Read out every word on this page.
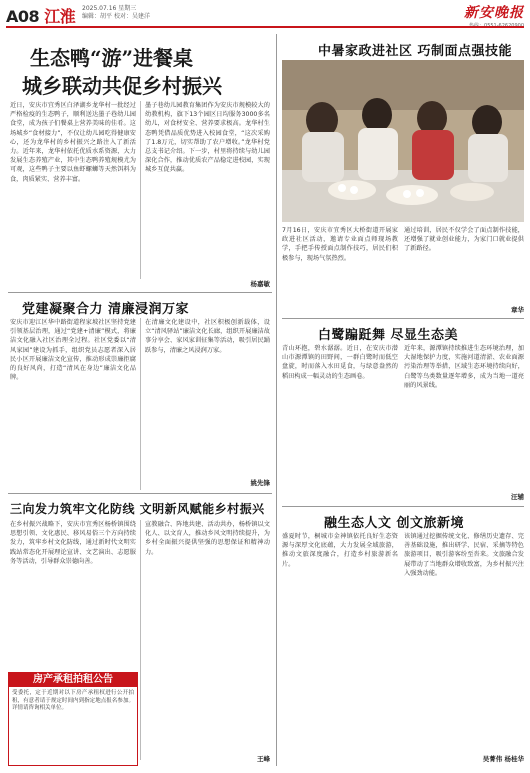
A08 江淮 2025.07.16 星期三
编辑：胡平 校对：吴建洋	新安晚报
生态鸭“游”进餐桌
城乡联动共促乡村振兴
近日，安庆市宜秀区白泽湖乡龙华村一批经过严格检疫的生态鸭子，顺利送达墨子巷幼儿园食堂，成为孩子们餐桌上营养美味的佳肴。这场城乡“食材接力”，不仅让幼儿园吃得健康安心，还为龙华村的乡村振兴之路注入了新活力。近年来，龙华村依托优质水系资源，大力发展生态养殖产业，其中生态鸭养殖规模尤为可观，这些鸭子主要以鱼虾螺蛳等天然饵料为食，肉质紧实、营养丰富。
墨子巷幼儿园教育集团作为安庆市规模较大的幼教机构，旗下13个园区日均服务3000多名幼儿，对食材安全、营养要求极高。龙华村生态鸭凭借品质优势进入校园食堂，“这次采购了1.8万元，切实帮助了农户增收。”龙华村党总支书记介绍。下一步，村里将持续与幼儿园深化合作，推动优质农产品稳定进校园，实现城乡互促共赢。
杨嘉敏
党建凝聚合力 清廉浸润万家
安庆市迎江区华中路街道程家坡社区坚持党建引领基层治理，通过“党建+清廉”模式，将廉洁文化融入社区治理全过程。社区党委以“清风家园”建设为抓手，组织党员志愿者深入居民小区开展廉洁文化宣传，推动形成崇廉拒腐的良好风尚，打造“清风在身边”廉洁文化品牌。
在清廉文化建设中，社区积极创新载体，设立“清风驿站”廉洁文化长廊，组织开展廉洁故事分享会、家风家训征集等活动，吸引居民踊跃参与，清廉之风浸润万家。
姚先锋
三向发力筑牢文化防线 文明新风赋能乡村振兴
在乡村振兴战略下，安庆市宜秀区杨桥镇围绕思想引领、文化惠民、移风易俗三个方向持续发力，筑牢乡村文化防线，通过新时代文明实践站常态化开展理论宣讲、文艺演出、志愿服务等活动，引导群众崇德向善。
宣教融合、阵地共建、活动共办，杨桥镇以文化人、以文育人，推动乡风文明持续提升，为乡村全面振兴提供坚强的思想保证和精神动力。
王峰
房产承租拍租公告
受委托，定于近期对以下房产承租权进行公开拍租，有意者请于规定时间内到指定地点报名参加。详情请咨询相关单位。
中暑家政进社区 巧制面点强技能
7月16日，安庆市宜秀区大桥街道开展家政进社区活动，邀请专业面点师现场教学，手把手传授面点制作技巧，居民们积极参与，现场气氛热烈。
通过培训，居民不仅学会了面点制作技能，还增强了就业创业能力，为家门口就业提供了新路径。
章华
白鹭蹁跹舞 尽显生态美
青山环抱，碧水潺潺。近日，在安庆市潜山市源潭镇的田野间，一群白鹭时而低空盘旋，时而落入水田觅食，与绿意盎然的稻田构成一幅灵动的生态画卷。
近年来，源潭镇持续推进生态环境治理，加大湿地保护力度，实施河道清淤、农业面源污染治理等举措，区域生态环境持续向好，白鹭等鸟类数量逐年增多，成为当地一道亮丽的风景线。
汪辅
融生态人文 创文旅新境
盛夏时节，桐城市金神镇依托良好生态资源与深厚文化底蕴，大力发展全域旅游，推动文旅深度融合，打造乡村旅游新名片。
该镇通过挖掘传统文化、修缮历史遗存、完善基础设施，推出研学、民宿、采摘等特色旅游项目，吸引游客纷至沓来。文旅融合发展带动了当地群众增收致富，为乡村振兴注入强劲动能。
吴菁伟 杨桂华
